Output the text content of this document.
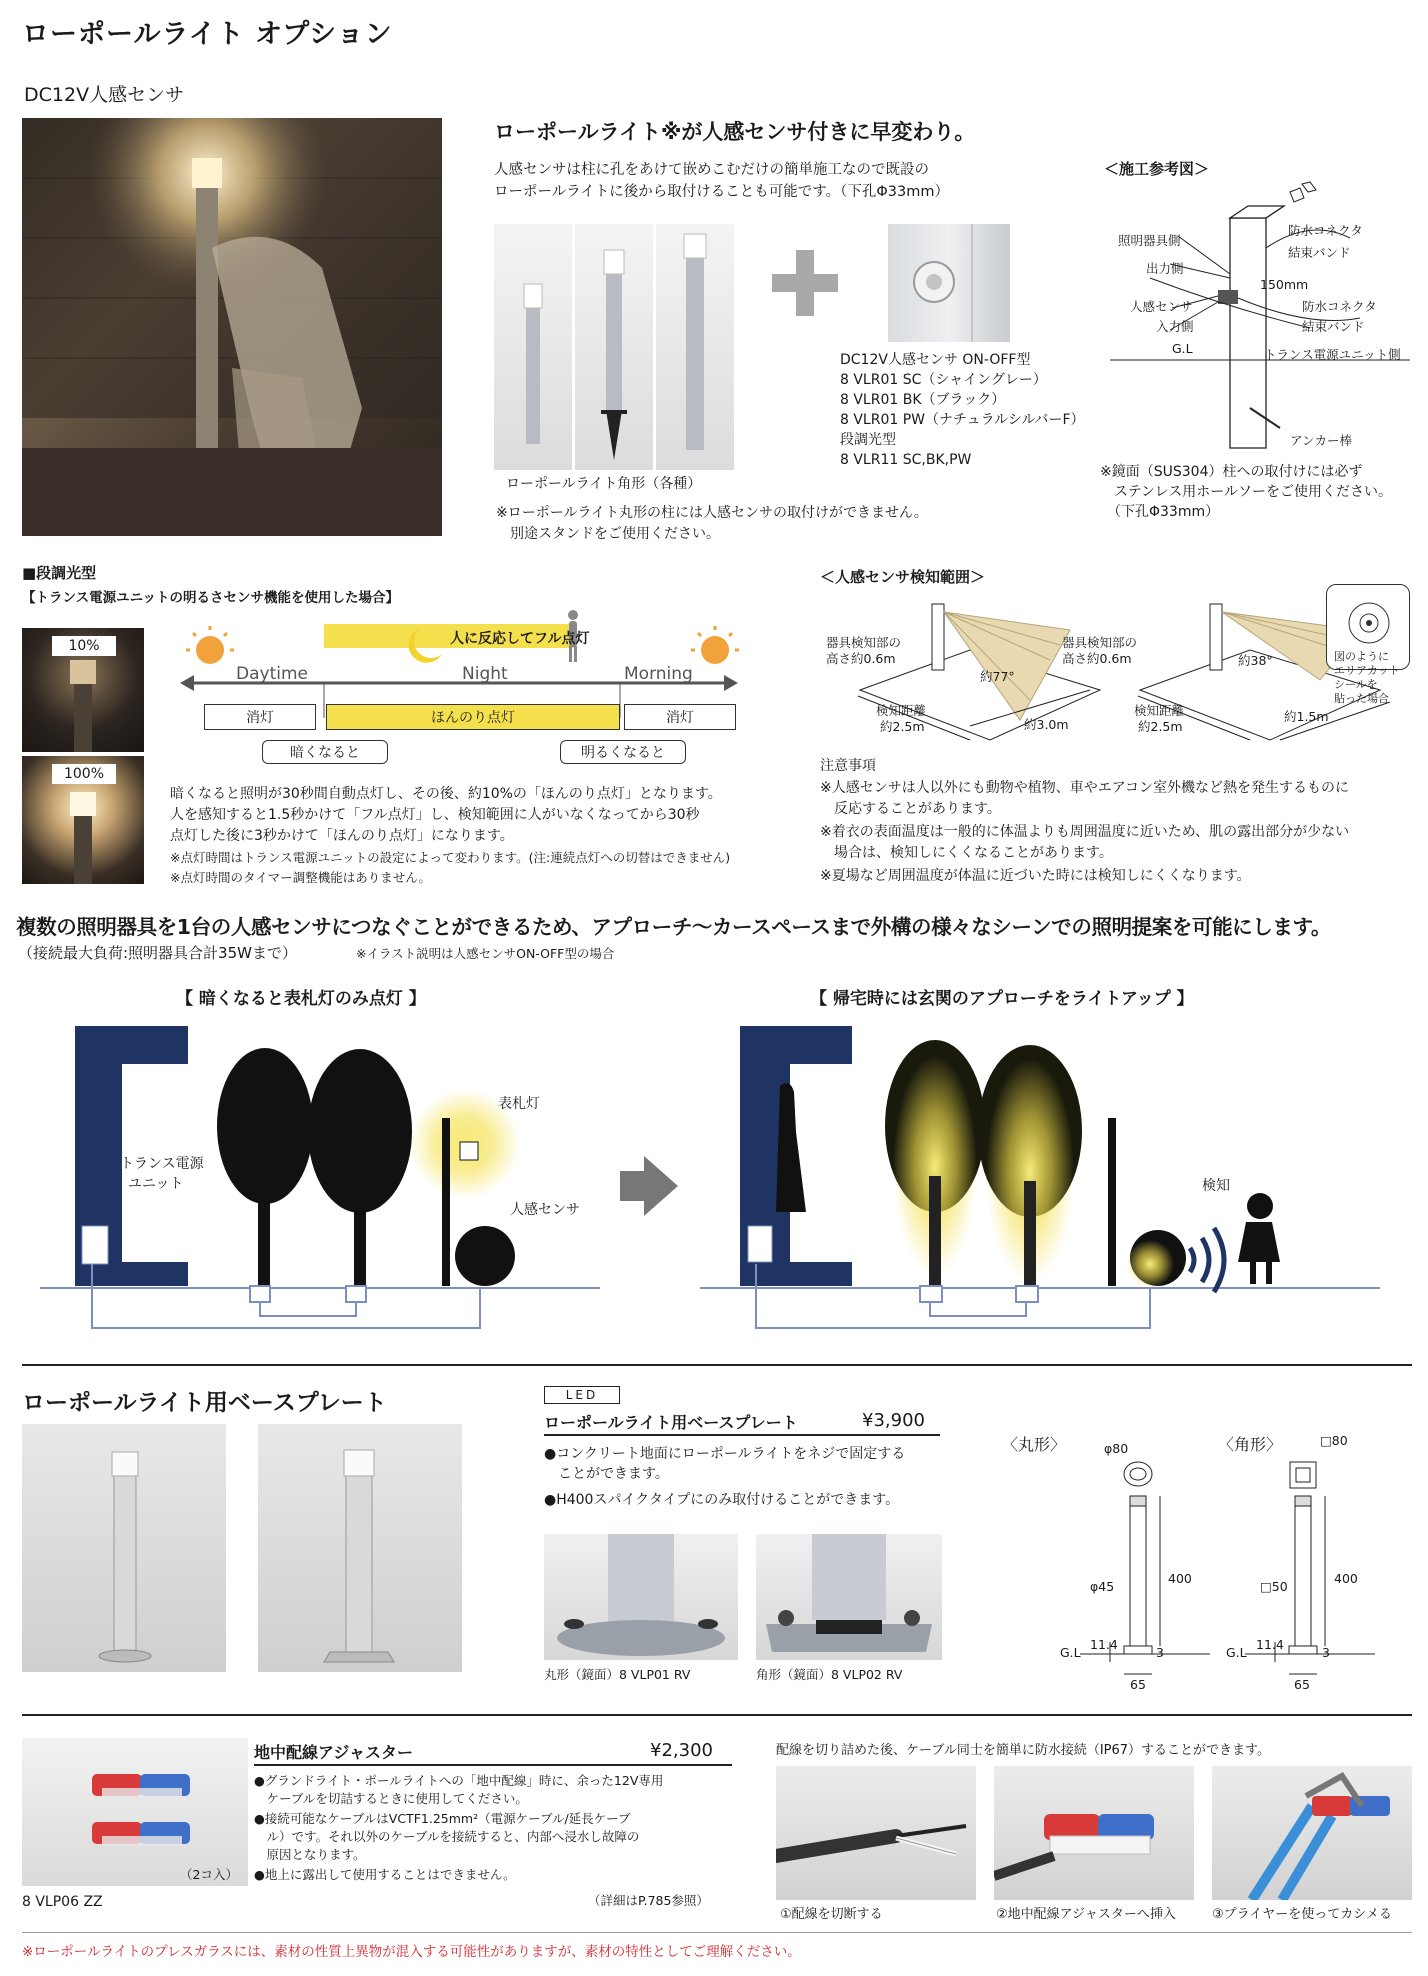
ローポールライト オプション
DC12V人感センサ
ローポールライト※が人感センサ付きに早変わり。
人感センサは柱に孔をあけて嵌めこむだけの簡単施工なので既設の
ローポールライトに後から取付けることも可能です。（下孔Φ33mm）
ローポールライト角形（各種）
※ローポールライト丸形の柱には人感センサの取付けができません。
　別途スタンドをご使用ください。
DC12V人感センサ ON-OFF型
8 VLR01 SC（シャイングレー）
8 VLR01 BK（ブラック）
8 VLR01 PW（ナチュラルシルバーF）
段調光型
8 VLR11 SC,BK,PW
＜施工参考図＞
照明器具側
出力側
防水コネクタ
結束バンド
150mm
人感センサ
入力側
防水コネクタ
結束バンド
G.L	トランス電源ユニット側
アンカー棒
※鏡面（SUS304）柱への取付けには必ず
　ステンレス用ホールソーをご使用ください。
　（下孔Φ33mm）
■段調光型
【トランス電源ユニットの明るさセンサ機能を使用した場合】
10%
100%
人に反応してフル点灯
Daytime	Night	Morning
消灯	ほんのり点灯	消灯
暗くなると	明るくなると
暗くなると照明が30秒間自動点灯し、その後、約10%の「ほんのり点灯」となります。
人を感知すると1.5秒かけて「フル点灯」し、検知範囲に人がいなくなってから30秒
点灯した後に3秒かけて「ほんのり点灯」になります。
※点灯時間はトランス電源ユニットの設定によって変わります。(注:連続点灯への切替はできません)
※点灯時間のタイマー調整機能はありません。
＜人感センサ検知範囲＞
器具検知部の
高さ約0.6m
約77°
検知距離
約2.5m	約3.0m
器具検知部の
高さ約0.6m	約38°
検知距離
約2.5m
約1.5m
図のように
エリアカット
シールを
貼った場合
注意事項
※人感センサは人以外にも動物や植物、車やエアコン室外機など熱を発生するものに
　反応することがあります。
※着衣の表面温度は一般的に体温よりも周囲温度に近いため、肌の露出部分が少ない
　場合は、検知しにくくなることがあります。
※夏場など周囲温度が体温に近づいた時には検知しにくくなります。
複数の照明器具を1台の人感センサにつなぐことができるため、アプローチ～カースペースまで外構の様々なシーンでの照明提案を可能にします。
（接続最大負荷:照明器具合計35Wまで）	※イラスト説明は人感センサON-OFF型の場合
【 暗くなると表札灯のみ点灯 】	【 帰宅時には玄関のアプローチをライトアップ 】
表札灯
人感センサ
トランス電源
ユニット	検知
ローポールライト用ベースプレート	LED
ローポールライト用ベースプレート	¥3,900
●コンクリート地面にローポールライトをネジで固定する
　ことができます。
●H400スパイクタイプにのみ取付けることができます。
丸形（鏡面）8 VLP01 RV	角形（鏡面）8 VLP02 RV
〈丸形〉	〈角形〉
φ80
φ45
400
11.4
G.L	3
65
□80
□50
400
11.4
G.L	3
65
（2コ入）
8 VLP06 ZZ
地中配線アジャスター	¥2,300
●グランドライト・ポールライトへの「地中配線」時に、余った12V専用
　ケーブルを切詰するときに使用してください。
●接続可能なケーブルはVCTF1.25mm²（電源ケーブル/延長ケーブ
　ル）です。それ以外のケーブルを接続すると、内部へ浸水し故障の
　原因となります。
●地上に露出して使用することはできません。
（詳細はP.785参照）
配線を切り詰めた後、ケーブル同士を簡単に防水接続（IP67）することができます。
①配線を切断する	②地中配線アジャスターへ挿入	③プライヤーを使ってカシメる
※ローポールライトのプレスガラスには、素材の性質上異物が混入する可能性がありますが、素材の特性としてご理解ください。
